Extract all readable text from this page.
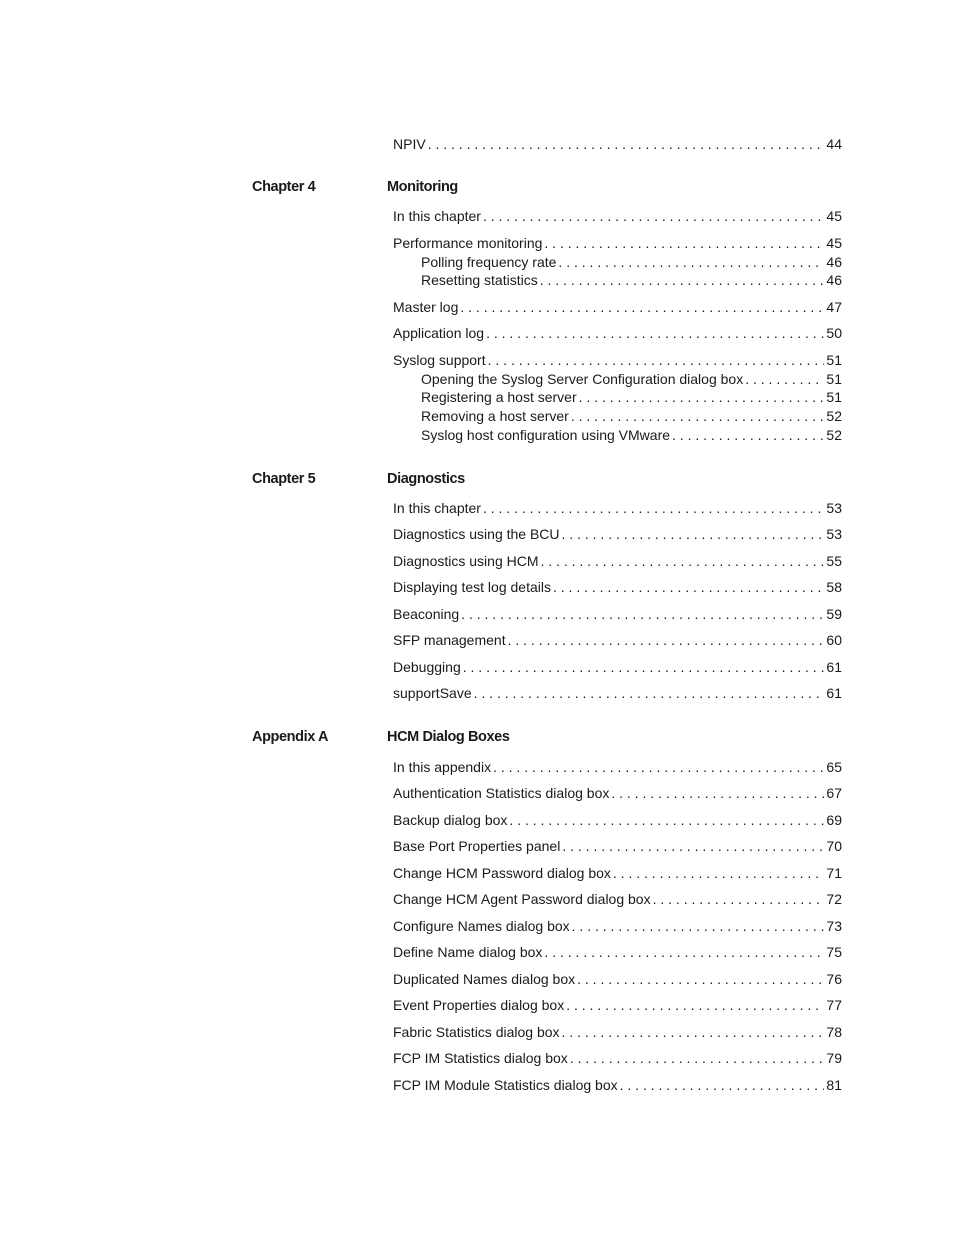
NPIV . . .	44
Chapter 4	Monitoring
In this chapter . . .	45
Performance monitoring . . .	45
Polling frequency rate . . .	46
Resetting statistics . . .	46
Master log . . .	47
Application log . . .	50
Syslog support . . .	51
Opening the Syslog Server Configuration dialog box . . .	51
Registering a host server . . .	51
Removing a host server . . .	52
Syslog host configuration using VMware . . .	52
Chapter 5	Diagnostics
In this chapter . . .	53
Diagnostics using the BCU . . .	53
Diagnostics using HCM . . .	55
Displaying test log details . . .	58
Beaconing . . .	59
SFP management . . .	60
Debugging . . .	61
supportSave . . .	61
Appendix A	HCM Dialog Boxes
In this appendix . . .	65
Authentication Statistics dialog box . . .	67
Backup dialog box . . .	69
Base Port Properties panel . . .	70
Change HCM Password dialog box . . .	71
Change HCM Agent Password dialog box . . .	72
Configure Names dialog box . . .	73
Define Name dialog box . . .	75
Duplicated Names dialog box . . .	76
Event Properties dialog box . . .	77
Fabric Statistics dialog box . . .	78
FCP IM Statistics dialog box . . .	79
FCP IM Module Statistics dialog box . . .	81
